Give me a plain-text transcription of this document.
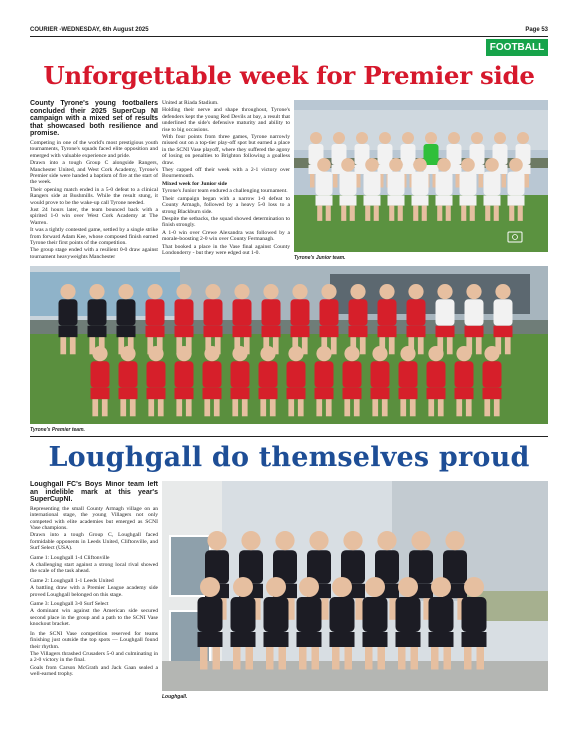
COURIER -WEDNESDAY, 6th August 2025	Page 53
FOOTBALL
Unforgettable week for Premier side

County Tyrone's young footballers concluded their 2025 SuperCup NI campaign with a mixed set of results that showcased both resilience and promise.

Competing in one of the world's most prestigious youth tournaments, Tyrone's squads faced elite opposition and emerged with valuable experience and pride.

Drawn into a tough Group C alongside Rangers, Manchester United, and West Cork Academy, Tyrone's Premier side were handed a baptism of fire at the start of the week.

Their opening match ended in a 5-0 defeat to a clinical Rangers side at Bushmills. While the result stung, it would prove to be the wake-up call Tyrone needed.

Just 24 hours later, the team bounced back with a spirited 1-0 win over West Cork Academy at The Warren.

It was a tightly contested game, settled by a single strike from forward Adam Kee, whose composed finish earned Tyrone their first points of the competition.

The group stage ended with a resilient 0-0 draw against tournament heavyweights Manchester

United at Riada Stadium.

Holding their nerve and shape throughout, Tyrone's defenders kept the young Red Devils at bay, a result that underlined the side's defensive maturity and ability to rise to big occasions.

With four points from three games, Tyrone narrowly missed out on a top-tier play-off spot but earned a place in the SCNI Vase playoff, where they suffered the agony of losing on penalties to Brighton following a goalless draw.

They capped off their week with a 2-1 victory over Bournemouth.

Mixed week for Junior side

Tyrone's Junior team endured a challenging tournament.

Their campaign began with a narrow 1-0 defeat to County Armagh, followed by a heavy 5-0 loss to a strong Blackburn side.

Despite the setbacks, the squad showed determination to finish strongly.

A 1-0 win over Crewe Alexandra was followed by a morale-boosting 2-0 win over County Fermanagh.

That booked a place in the Vase final against County Londonderry - but they were edged out 1-0.

Tyrone's Junior team.
Tyrone's Premier team.
Loughgall do themselves proud

Loughgall FC's Boys Minor team left an indelible mark at this year's SuperCupNI.

Representing the small County Armagh village on an international stage, the young Villagers not only competed with elite academies but emerged as SCNI Vase champions.

Drawn into a tough Group C, Loughgall faced formidable opponents in Leeds United, Cliftonville, and Surf Select (USA).

Game 1: Loughgall 1-4 Cliftonville

A challenging start against a strong local rival showed the scale of the task ahead.

Game 2: Loughgall 1-1 Leeds United

A battling draw with a Premier League academy side proved Loughgall belonged on this stage.

Game 3: Loughgall 3-0 Surf Select

A dominant win against the American side secured second place in the group and a path to the SCNI Vase knockout bracket.

In the SCNI Vase competition reserved for teams finishing just outside the top spots — Loughgall found their rhythm.

The Villagers thrashed Crusaders 5-0 and culminating in a 2-0 victory in the final.

Goals from Carson McGrath and Jack Gaan sealed a well-earned trophy.

Loughgall.
